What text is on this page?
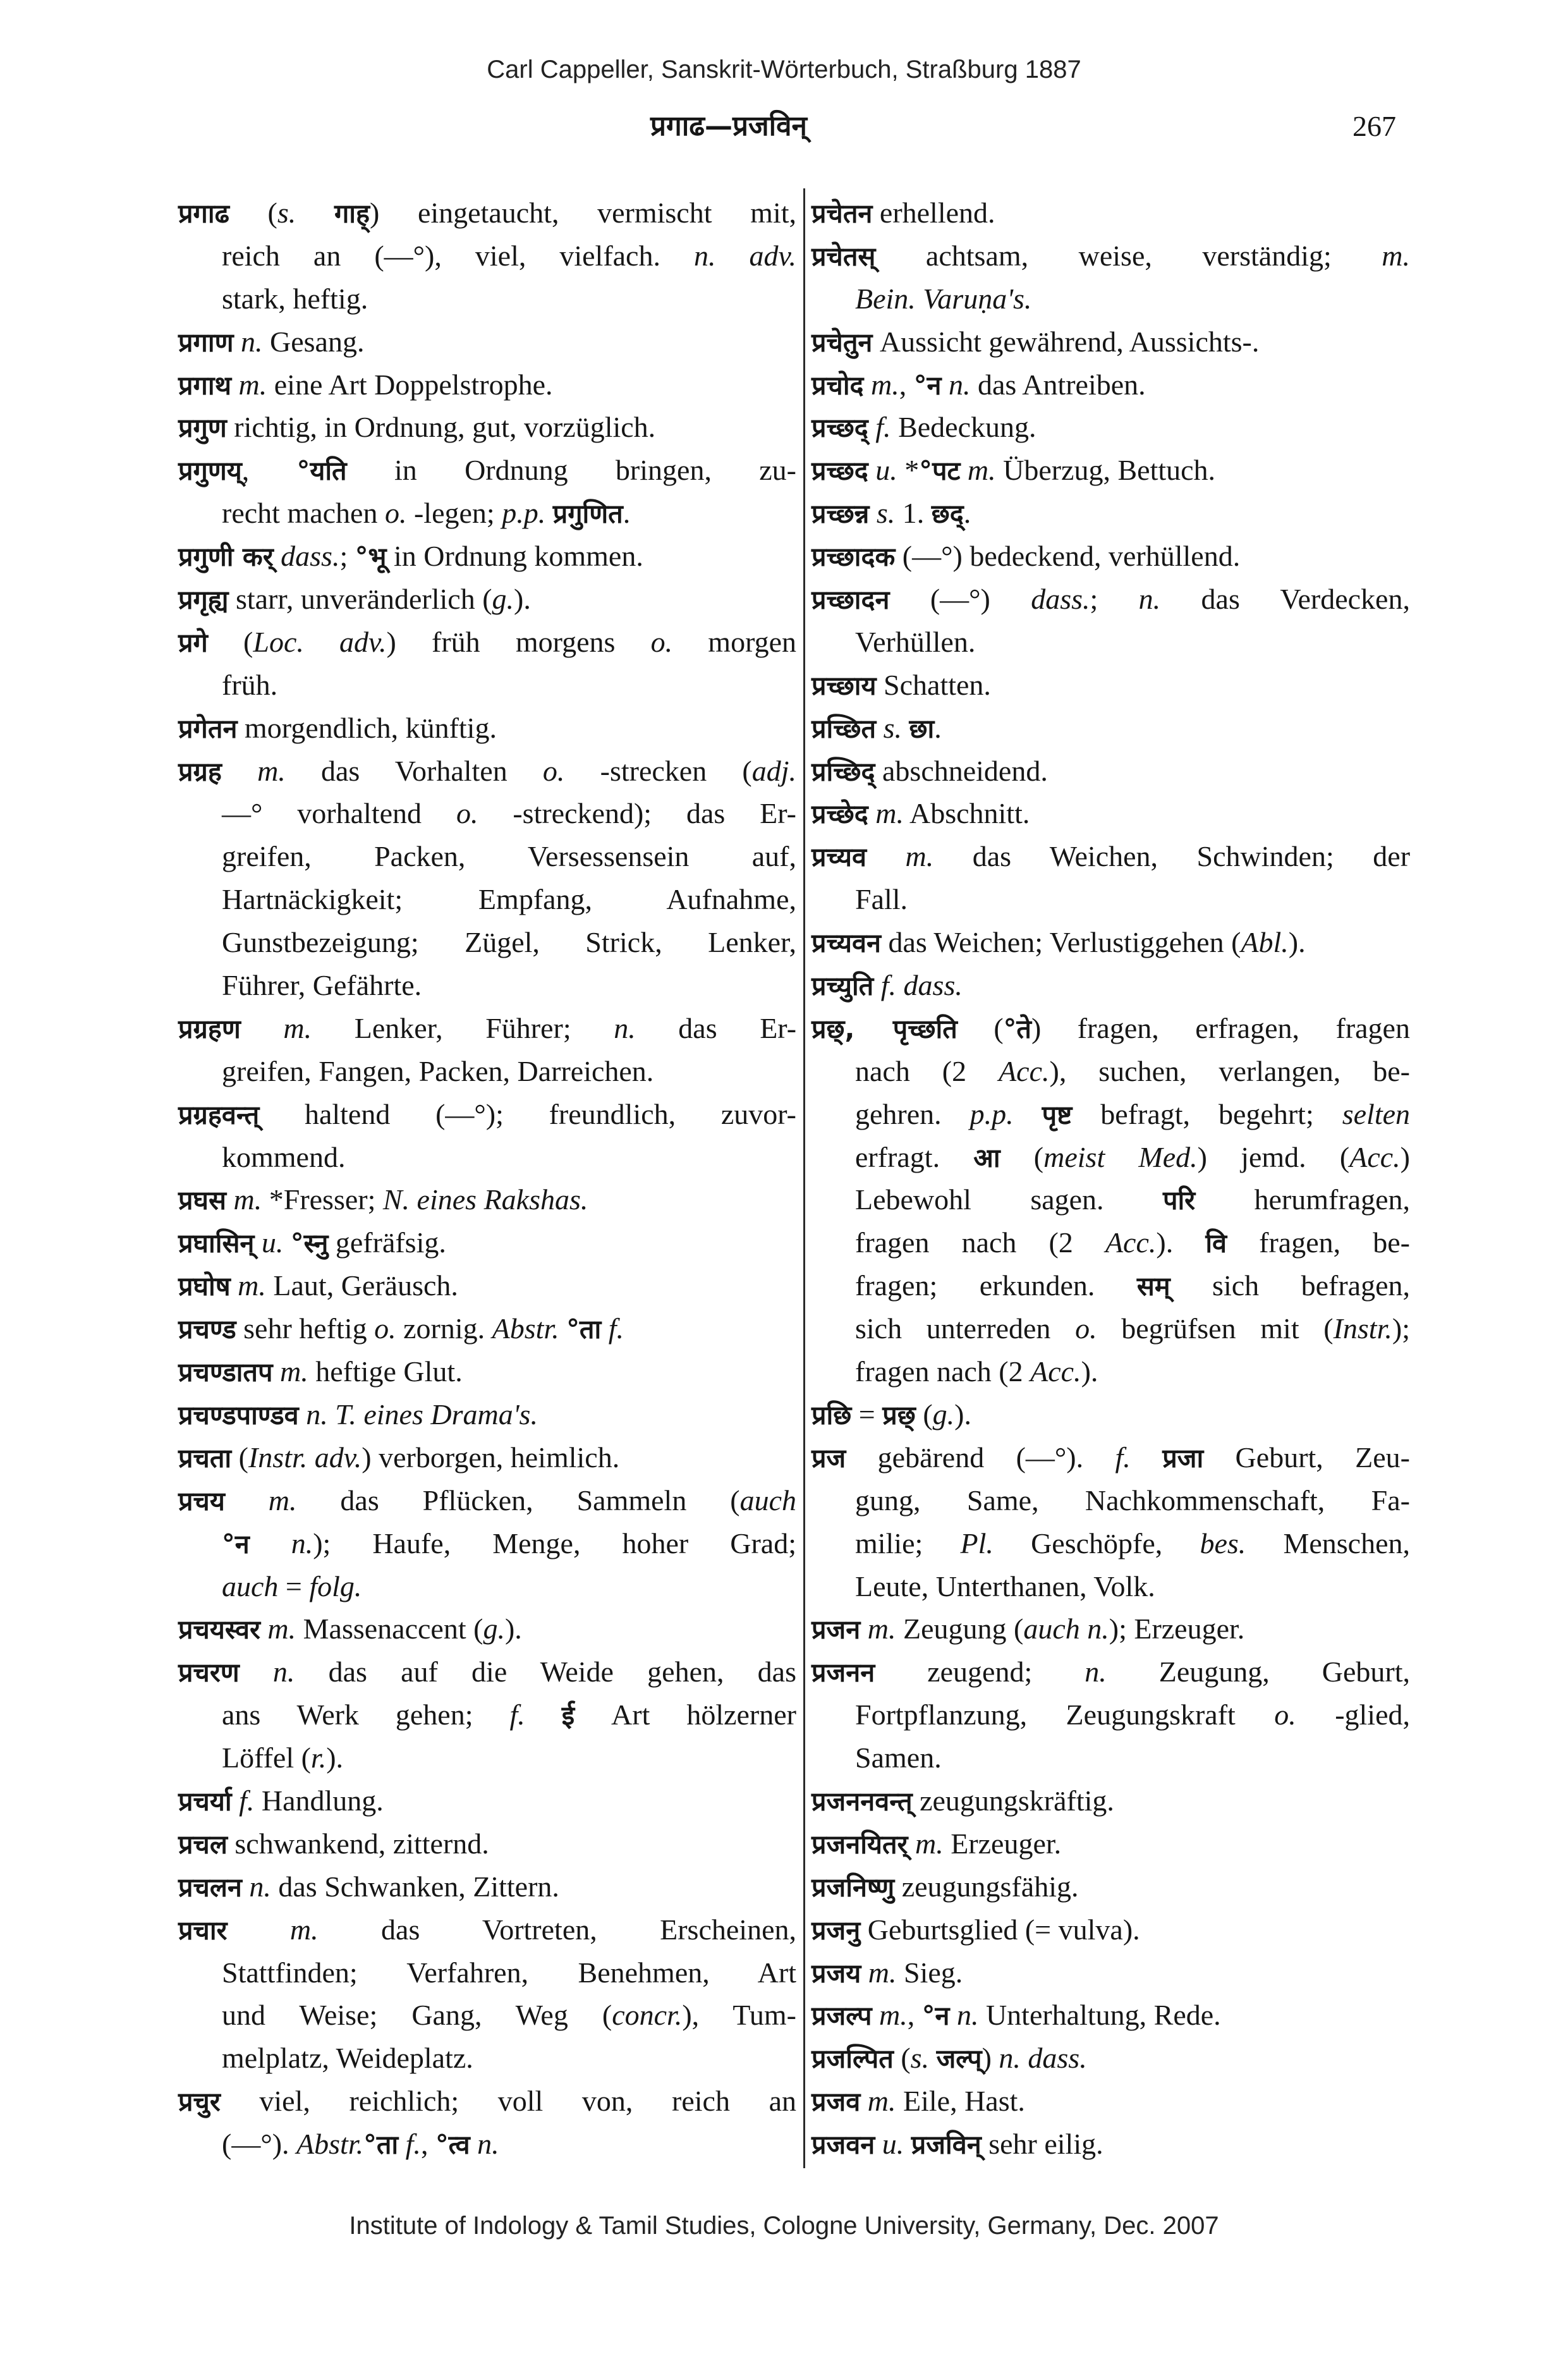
Carl Cappeller, Sanskrit-Wörterbuch, Straßburg 1887
प्रगाढ—प्रजविन्	267
प्रगाढ (s. गाह्) eingetaucht, vermischt mit,
reich an (—°), viel, vielfach. n. adv.
stark, heftig.
प्रगाण n. Gesang.
प्रगाथ m. eine Art Doppelstrophe.
प्रगुण richtig, in Ordnung, gut, vorzüglich.
प्रगुणय्, °यति in Ordnung bringen, zu-
recht machen o. -legen; p.p. प्रगुणित.
प्रगुणी कर् dass.; °भू in Ordnung kommen.
प्रगृह्य starr, unveränderlich (g.).
प्रगे (Loc. adv.) früh morgens o. morgen
früh.
प्रगेतन morgendlich, künftig.
प्रग्रह m. das Vorhalten o. -strecken (adj.
—° vorhaltend o. -streckend); das Er-
greifen, Packen, Versessensein auf,
Hartnäckigkeit; Empfang, Aufnahme,
Gunstbezeigung; Zügel, Strick, Lenker,
Führer, Gefährte.
प्रग्रहण m. Lenker, Führer; n. das Er-
greifen, Fangen, Packen, Darreichen.
प्रग्रहवन्त् haltend (—°); freundlich, zuvor-
kommend.
प्रघस m. *Fresser; N. eines Rakshas.
प्रघासिन् u. °स्नु gefräfsig.
प्रघोष m. Laut, Geräusch.
प्रचण्ड sehr heftig o. zornig. Abstr. °ता f.
प्रचण्डातप m. heftige Glut.
प्रचण्डपाण्डव n. T. eines Drama's.
प्रचता (Instr. adv.) verborgen, heimlich.
प्रचय m. das Pflücken, Sammeln (auch
°न n.); Haufe, Menge, hoher Grad;
auch = folg.
प्रचयस्वर m. Massenaccent (g.).
प्रचरण n. das auf die Weide gehen, das
ans Werk gehen; f. ई Art hölzerner
Löffel (r.).
प्रचर्या f. Handlung.
प्रचल schwankend, zitternd.
प्रचलन n. das Schwanken, Zittern.
प्रचार m. das Vortreten, Erscheinen,
Stattfinden; Verfahren, Benehmen, Art
und Weise; Gang, Weg (concr.), Tum-
melplatz, Weideplatz.
प्रचुर viel, reichlich; voll von, reich an
(—°). Abstr.°ता f., °त्व n.
प्रचेतन erhellend.
प्रचेतस् achtsam, weise, verständig; m.
Bein. Varuṇa's.
प्रचेतुन Aussicht gewährend, Aussichts-.
प्रचोद m., °न n. das Antreiben.
प्रच्छद् f. Bedeckung.
प्रच्छद u. *°पट m. Überzug, Bettuch.
प्रच्छन्न s. 1. छद्.
प्रच्छादक (—°) bedeckend, verhüllend.
प्रच्छादन (—°) dass.; n. das Verdecken,
Verhüllen.
प्रच्छाय Schatten.
प्रच्छित s. छा.
प्रच्छिद् abschneidend.
प्रच्छेद m. Abschnitt.
प्रच्यव m. das Weichen, Schwinden; der
Fall.
प्रच्यवन das Weichen; Verlustiggehen (Abl.).
प्रच्युति f. dass.
प्रछ्, पृच्छति (°ते) fragen, erfragen, fragen
nach (2 Acc.), suchen, verlangen, be-
gehren. p.p. पृष्ट befragt, begehrt; selten
erfragt. आ (meist Med.) jemd. (Acc.)
Lebewohl sagen. परि herumfragen,
fragen nach (2 Acc.). वि fragen, be-
fragen; erkunden. सम् sich befragen,
sich unterreden o. begrüfsen mit (Instr.);
fragen nach (2 Acc.).
प्रछि = प्रछ् (g.).
प्रज gebärend (—°). f. प्रजा Geburt, Zeu-
gung, Same, Nachkommenschaft, Fa-
milie; Pl. Geschöpfe, bes. Menschen,
Leute, Unterthanen, Volk.
प्रजन m. Zeugung (auch n.); Erzeuger.
प्रजनन zeugend; n. Zeugung, Geburt,
Fortpflanzung, Zeugungskraft o. -glied,
Samen.
प्रजननवन्त् zeugungskräftig.
प्रजनयितर् m. Erzeuger.
प्रजनिष्णु zeugungsfähig.
प्रजनु Geburtsglied (= vulva).
प्रजय m. Sieg.
प्रजल्प m., °न n. Unterhaltung, Rede.
प्रजल्पित (s. जल्प्) n. dass.
प्रजव m. Eile, Hast.
प्रजवन u. प्रजविन् sehr eilig.
Institute of Indology & Tamil Studies, Cologne University, Germany, Dec. 2007
